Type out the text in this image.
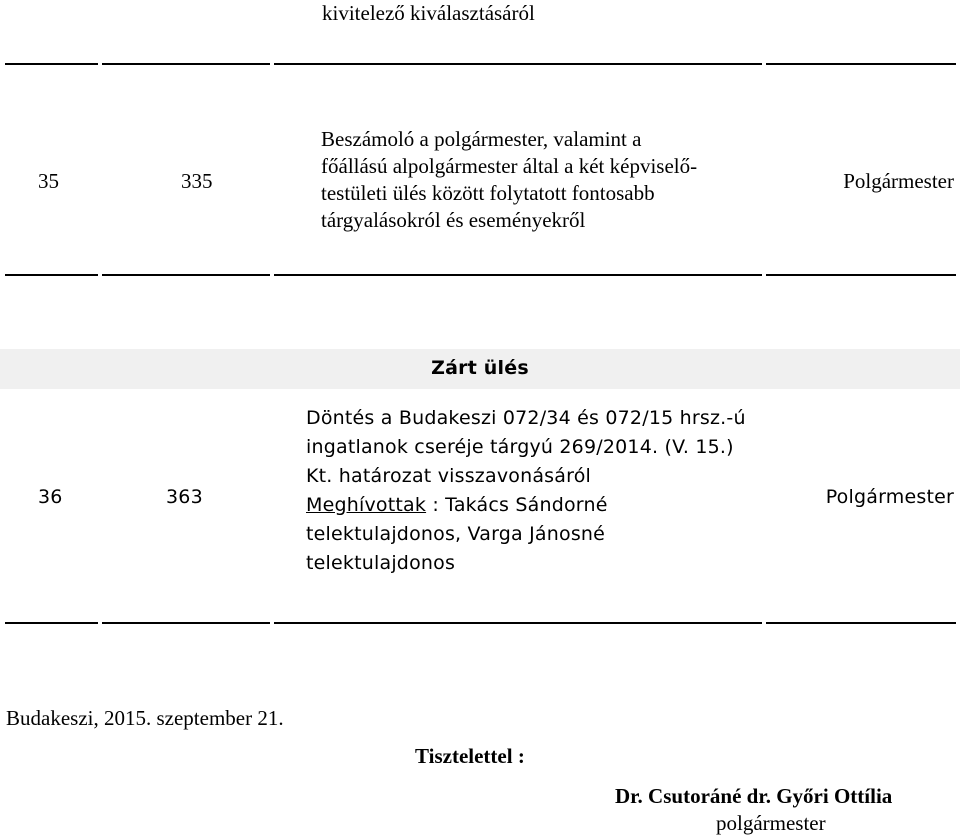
kivitelező kiválasztásáról
35	335
Beszámoló a polgármester, valamint a
főállású alpolgármester által a két képviselő-
testületi ülés között folytatott fontosabb
tárgyalásokról és eseményekről
Polgármester
Zárt ülés
36	363
Döntés a Budakeszi 072/34 és 072/15 hrsz.-ú
ingatlanok cseréje tárgyú 269/2014. (V. 15.)
Kt. határozat visszavonásáról
Meghívottak : Takács Sándorné
telektulajdonos, Varga Jánosné
telektulajdonos
Polgármester
Budakeszi, 2015. szeptember 21.
Tisztelettel :
Dr. Csutoráné dr. Győri Ottília
polgármester
